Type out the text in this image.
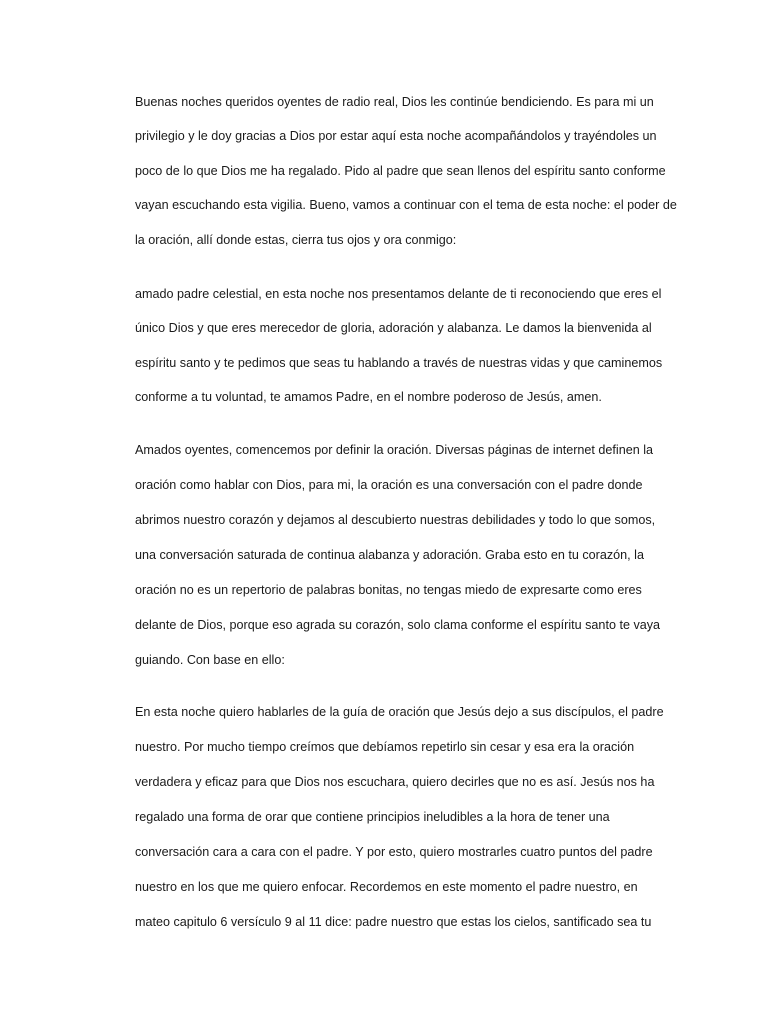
Buenas noches queridos oyentes de radio real, Dios les continúe bendiciendo. Es para mi un
privilegio y le doy gracias a Dios por estar aquí esta noche acompañándolos y trayéndoles un
poco de lo que Dios me ha regalado. Pido al padre que sean llenos del espíritu santo conforme
vayan escuchando esta vigilia. Bueno, vamos a continuar con el tema de esta noche: el poder de
la oración, allí donde estas, cierra tus ojos y ora conmigo:
amado padre celestial, en esta noche nos presentamos delante de ti reconociendo que eres el
único Dios y que eres merecedor de gloria, adoración y alabanza. Le damos la bienvenida al
espíritu santo y te pedimos que seas tu hablando a través de nuestras vidas y que caminemos
conforme a tu voluntad, te amamos Padre, en el nombre poderoso de Jesús, amen.
Amados oyentes, comencemos por definir la oración. Diversas páginas de internet definen la
oración como hablar con Dios, para mi, la oración es una conversación con el padre donde
abrimos nuestro corazón y dejamos al descubierto nuestras debilidades y todo lo que somos,
una conversación saturada de continua alabanza y adoración. Graba esto en tu corazón, la
oración no es un repertorio de palabras bonitas, no tengas miedo de expresarte como eres
delante de Dios, porque eso agrada su corazón, solo clama conforme el espíritu santo te vaya
guiando. Con base en ello:
En esta noche quiero hablarles de la guía de oración que Jesús dejo a sus discípulos, el padre
nuestro. Por mucho tiempo creímos que debíamos repetirlo sin cesar y esa era la oración
verdadera y eficaz para que Dios nos escuchara, quiero decirles que no es así. Jesús nos ha
regalado una forma de orar que contiene principios ineludibles a la hora de tener una
conversación cara a cara con el padre. Y por esto, quiero mostrarles cuatro puntos del padre
nuestro en los que me quiero enfocar. Recordemos en este momento el padre nuestro, en
mateo capitulo 6 versículo 9 al 11 dice: padre nuestro que estas los cielos, santificado sea tu
